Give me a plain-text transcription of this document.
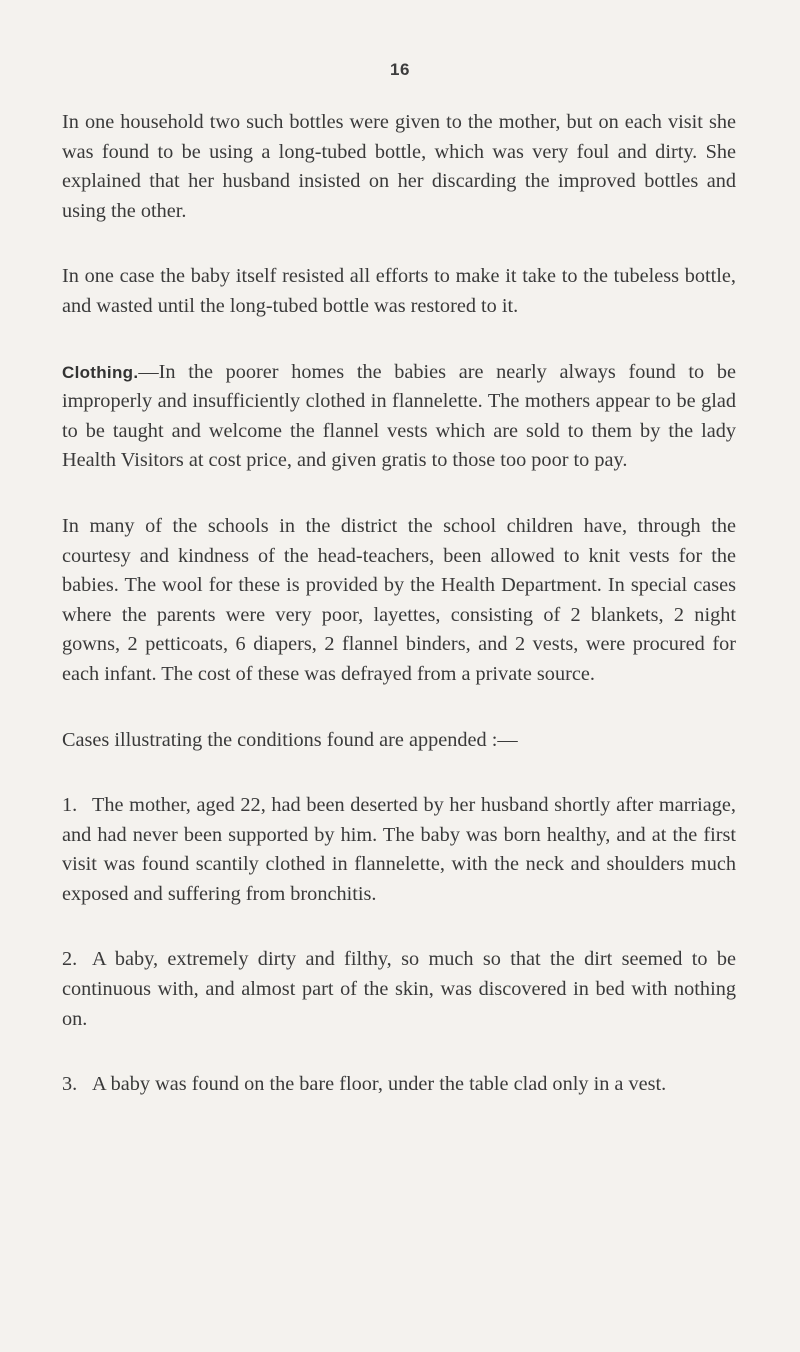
16

In one household two such bottles were given to the mother, but on each visit she was found to be using a long-tubed bottle, which was very foul and dirty. She explained that her husband insisted on her discarding the improved bottles and using the other.

In one case the baby itself resisted all efforts to make it take to the tubeless bottle, and wasted until the long-tubed bottle was restored to it.

Clothing.—In the poorer homes the babies are nearly always found to be improperly and insufficiently clothed in flannelette. The mothers appear to be glad to be taught and welcome the flannel vests which are sold to them by the lady Health Visitors at cost price, and given gratis to those too poor to pay.

In many of the schools in the district the school children have, through the courtesy and kindness of the head-teachers, been allowed to knit vests for the babies. The wool for these is provided by the Health Department. In special cases where the parents were very poor, layettes, consisting of 2 blankets, 2 night gowns, 2 petticoats, 6 diapers, 2 flannel binders, and 2 vests, were procured for each infant. The cost of these was defrayed from a private source.

Cases illustrating the conditions found are appended :—

1. The mother, aged 22, had been deserted by her husband shortly after marriage, and had never been supported by him. The baby was born healthy, and at the first visit was found scantily clothed in flannelette, with the neck and shoulders much exposed and suffering from bronchitis.

2. A baby, extremely dirty and filthy, so much so that the dirt seemed to be continuous with, and almost part of the skin, was discovered in bed with nothing on.

3. A baby was found on the bare floor, under the table clad only in a vest.
